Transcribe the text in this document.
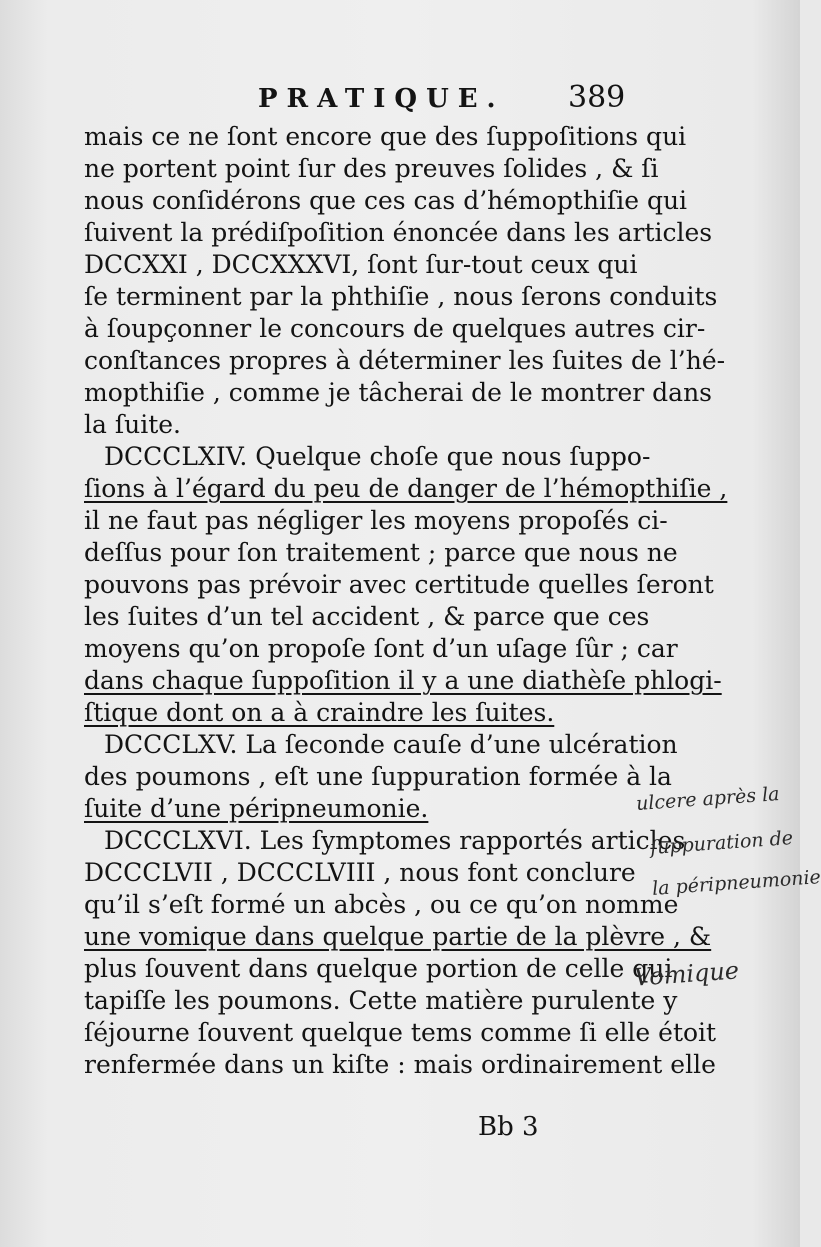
PRATIQUE. 389
mais ce ne ſont encore que des ſuppoſitions qui
ne portent point ſur des preuves ſolides , & ſi
nous conſidérons que ces cas d’hémopthiſie qui
ſuivent la prédiſpoſition énoncée dans les articles
DCCXXI , DCCXXXVI, ſont ſur-tout ceux qui
ſe terminent par la phthiſie , nous ſerons conduits
à ſoupçonner le concours de quelques autres cir-
conſtances propres à déterminer les ſuites de l’hé-
mopthiſie , comme je tâcherai de le montrer dans
la ſuite.
DCCCLXIV. Quelque choſe que nous ſuppo-
ſions à l’égard du peu de danger de l’hémopthiſie ,
il ne faut pas négliger les moyens propoſés ci-
deſſus pour ſon traitement ; parce que nous ne
pouvons pas prévoir avec certitude quelles ſeront
les ſuites d’un tel accident , & parce que ces
moyens qu’on propoſe ſont d’un uſage ſûr ; car
dans chaque ſuppoſition il y a une diathèſe phlogi-
ſtique dont on a à craindre les ſuites.
DCCCLXV. La ſeconde cauſe d’une ulcération
des poumons , eſt une ſuppuration formée à la
ſuite d’une péripneumonie.
DCCCLXVI. Les ſymptomes rapportés articles
DCCCLVII , DCCCLVIII , nous font conclure
qu’il s’eſt formé un abcès , ou ce qu’on nomme
une vomique dans quelque partie de la plèvre , &
plus ſouvent dans quelque portion de celle qui
tapiſſe les poumons. Cette matière purulente y
ſéjourne ſouvent quelque tems comme ſi elle étoit
renfermée dans un kiſte : mais ordinairement elle
Bb 3
ulcere après la
ſuppuration de
la péripneumonie
Vomique
